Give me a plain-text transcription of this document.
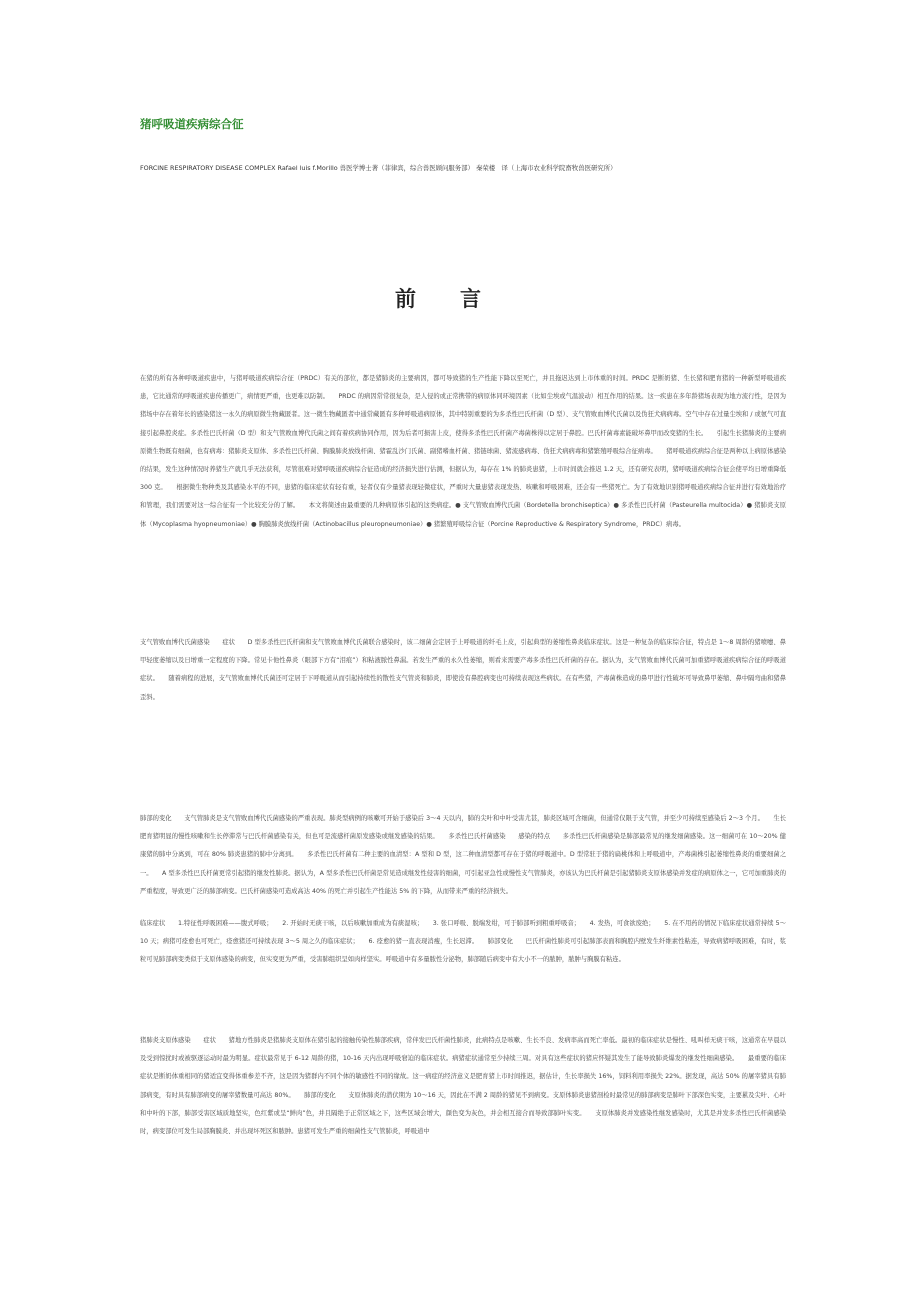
猪呼吸道疾病综合征
FORCINE RESPIRATORY DISEASE COMPLEX Rafael luis f.Morillo 兽医学博士著（菲律宾，综合兽医顾问服务部） 秦荣楼　译（上海市农业科学院畜牧兽医研究所）
前言
在猪的所有各种呼吸道疾患中，与猪呼吸道疾病综合征（PRDC）有关的部位，都是猪肺炎的主要病因，都可导致猪的生产性能下降以至死亡，并且拖迟达到上市体重的时间。PRDC 是断奶猪、生长猪和肥育猪的一种新型呼吸道疾患，它比通常的呼吸道疾患传播更广，病情更严重，也更难以防制。　　PRDC 的病因常常很复杂，是人侵的或正常携带的病原体同环境因素（比如尘埃或气温波动）相互作用的结果。这一疾患在多年龄猪场表现为地方流行性，是因为猪场中存在着年长的感染猪这一永久的病原微生物藏匿者。这一微生物藏匿者中通常藏匿有多种呼吸道病原体，其中特别重要的为多杀性巴氏杆菌（D 型）、支气管败血博代氏菌以及伪狂犬病病毒。空气中存在过量尘埃和 / 或氨气可直接引起鼻腔炎症。多杀性巴氏杆菌（D 型）和支气管败血博代氏菌之间有着疾病协同作用，因为后者可损害上皮，使得多杀性巴氏杆菌产毒菌株得以定居于鼻腔。巴氏杆菌毒素能破坏鼻甲而改变猪的生长。　　引起生长猪肺炎的主要病原微生物既有细菌，也有病毒：猪肺炎支原体、多杀性巴氏杆菌、胸膜肺炎放线杆菌、猪霍乱沙门氏菌、副猪嗜血杆菌、猪链球菌、猪流感病毒、伪狂犬病病毒和猪繁殖呼吸综合征病毒。　　猪呼吸道疾病综合征是两种以上病原体感染的结果，发生这种情况时养猪生产就几乎无法获利，尽管很难对猪呼吸道疾病综合征造成的经济损失进行估测，但据认为，每存在 1% 的肺炎患猪，上市时间就会推迟 1.2 天，还有研究表明，猪呼吸道疾病综合征会使平均日增重降低 300 克。　　根据微生物种类及其感染水平的不同，患猪的临床症状有轻有重，轻者仅有少量猪表现轻微症状，严重时大量患猪表现发热、咳嗽和呼吸困难，还会有一些猪死亡。为了有效地识别猪呼吸道疾病综合征并进行有效地治疗和管理，我们需要对这一综合征有一个比较充分的了解。　　本文将简述由最重要的几种病原体引起的这类病症。● 支气管败血博代氏菌（Bordetella bronchiseptica）● 多杀性巴氏杆菌（Pasteurella multocida）● 猪肺炎支原体（Mycoplasma hyopneumoniae）● 胸膜肺炎放线杆菌（Actinobacillus pleuropneumoniae）● 猪繁殖呼吸综合征（Porcine Reproductive & Respiratory Syndrome，PRDC）病毒。
支气管败血博代氏菌感染　　症状　　D 型多杀性巴氏杆菌和支气管败血博代氏菌联合感染时，该二细菌会定居于上呼吸道的纤毛上皮，引起典型的萎缩性鼻炎临床症状。这是一种复杂的临床综合征，特点是 1～8 周龄的猪喷嚏、鼻甲轻度萎缩以及日增重一定程度的下降。常见卡他性鼻炎（眼部下方有“泪痕”）和粘液脓性鼻漏。若发生严重的永久性萎缩，则看来需要产毒多杀性巴氏杆菌的存在。据认为，支气管败血博代氏菌可加重猪呼吸道疾病综合征的呼吸道症状。　　随着病程的进展，支气管败血博代氏菌还可定居于下呼吸道从而引起持续性的散性支气管炎和肺炎，即使没有鼻腔病变也可持续表现这些病状。在有些猪，产毒菌株造成的鼻甲进行性破坏可导致鼻甲萎缩、鼻中隔弯曲和猪鼻歪斜。
肺部的变化　　支气管肺炎是支气管败血博代氏菌感染的严重表现。肺炎型病例的咳嗽可开始于感染后 3～4 天以内，肺的尖叶和中叶受害尤甚，肺炎区域可含细菌，但通常仅限于支气管，并至少可持续至感染后 2～3 个月。　　生长肥育猪明显的慢性咳嗽和生长停滞常与巴氏杆菌感染有关，但也可是流感杆菌原发感染或继发感染的结果。　　多杀性巴氏杆菌感染　　感染的特点　　多杀性巴氏杆菌感染是肺部最常见的继发细菌感染。这一细菌可在 10～20% 健康猪的肺中分离到，可在 80% 肺炎患猪的肺中分离到。　　多杀性巴氏杆菌有二种主要的血清型：A 型和 D 型，这二种血清型都可存在于猪的呼吸道中。D 型常驻于猪的扁桃体和上呼吸道中，产毒菌株引起萎缩性鼻炎的重要细菌之一。　　A 型多杀性巴氏杆菌更常引起猪的继发性肺炎。据认为，A 型多杀性巴氏杆菌是常见造成继发性侵害的细菌，可引起亚急性或慢性支气管肺炎，亦该认为巴氏杆菌是引起猪肺炎支原体感染并发症的病原体之一，它可加重肺炎的严重程度，导致更广泛的肺部病变。巴氏杆菌感染可造成高达 40% 的死亡并引起生产性能达 5% 的下降，从而带来严重的经济损失。
临床症状　　1.特征性呼吸困难——腹式呼吸；　　2. 开始时无痰干咳，以后咳嗽加重成为有痰湿咳；　　3. 张口呼吸、脱端发绀，可于肺部听到粗重呼吸音；　　4. 发热，可食欲废绝；　　5. 在不用药的情况下临床症状通常持续 5～10 天；病猪可痊愈也可死亡，痊愈猪还可持续表现 3～5 周之久的临床症状；　　6. 痊愈的猪一直表现消瘦，生长迟滞。　　肺部变化　　巴氏杆菌性肺炎可引起肺部表面和胸腔内壁发生纤维素性粘连，导致病猪呼吸困难，有时，浆粒可见肺部病变类似于支原体感染的病变，但实变更为严重，受害肺组织呈如肉样坚实。呼吸道中有多量脓性分泌物，肺部随后病变中有大小不一的脓肿，脓肿与胸膜有粘连。
猪肺炎支原体感染　　症状　　猪地方性肺炎是猪肺炎支原体在猪引起的接触传染性肺部疾病，常伴发巴氏杆菌性肺炎，此病特点是咳嗽、生长不良、发病率高而死亡率低。最初的临床症状是慢性、吼叫样无痰干咳，这通常在早晨以及受到惊扰时或被驱逐运动时最为明显。症状最常见于 6-12 周龄的猪，10-16 天内出现呼吸窘迫的临床症状。病猪症状通常至少持续三周。对具有这些症状的猪应怀疑其发生了能导致肺炎爆发的继发性细菌感染。　　最重要的临床症状是断奶体重相同的猪适宜变得体重参差不齐，这是因为猪群内不同个体的敏感性不同的缘故。这一病症的经济意义是肥育猪上市时间推迟，据估计，生长率损失 16%，饲料利用率损失 22%。据发现，高达 50% 的屠宰猪具有肺部病变，有时具有肺部病变的屠宰猪数量可高达 80%。　　肺部的变化　　支原体肺炎的潜伏期为 10～16 天，因此在不满 2 周龄的猪见不到病变。支原体肺炎患猪剖检时最常见的肺部病变是肺叶下部深色实变，主要累及尖叶、心叶和中叶的下部，肺部受害区域质地坚实，色红紫或呈“鲜肉”色，并且隔绝于正常区域之下，这些区域会增大，颜色变为灰色，并会相互接合而导致部肺叶实变。　　支原体肺炎并发感染性继发感染时，尤其是并发多杀性巴氏杆菌感染时，病变部位可发生局部胸膜炎、并出现坏死区和脓肿。患猪可发生严重的细菌性支气管肺炎，呼吸道中
